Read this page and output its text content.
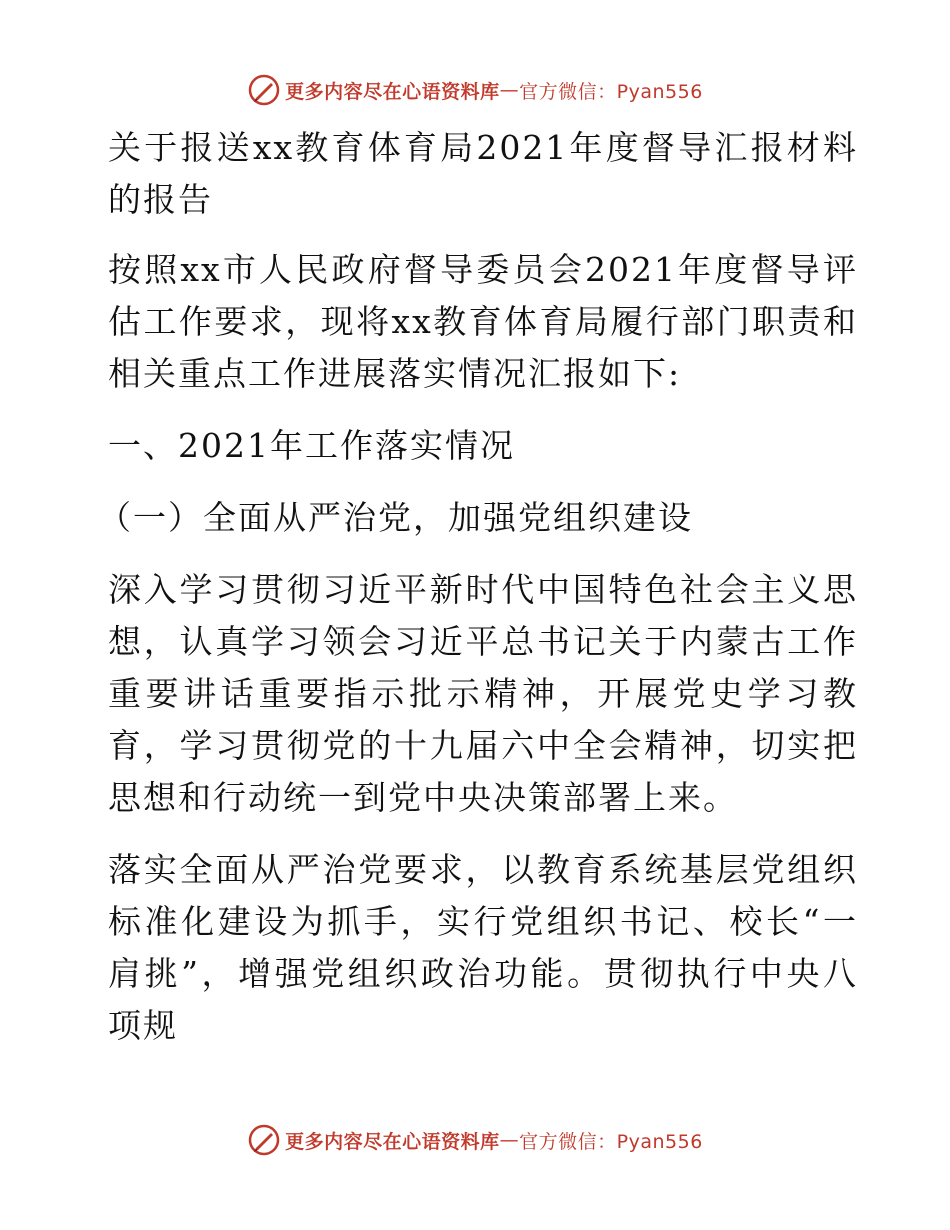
更多内容尽在心语资料库 — 官方微信：Pyan556

关于报送xx教育体育局2021年度督导汇报材料的报告

按照xx市人民政府督导委员会2021年度督导评估工作要求，现将xx教育体育局履行部门职责和相关重点工作进展落实情况汇报如下:

一、2021年工作落实情况

（一）全面从严治党，加强党组织建设

深入学习贯彻习近平新时代中国特色社会主义思想，认真学习领会习近平总书记关于内蒙古工作重要讲话重要指示批示精神，开展党史学习教育，学习贯彻党的十九届六中全会精神，切实把思想和行动统一到党中央决策部署上来。

落实全面从严治党要求，以教育系统基层党组织标准化建设为抓手，实行党组织书记、校长“一肩挑”，增强党组织政治功能。贯彻执行中央八项规

更多内容尽在心语资料库 — 官方微信：Pyan556
